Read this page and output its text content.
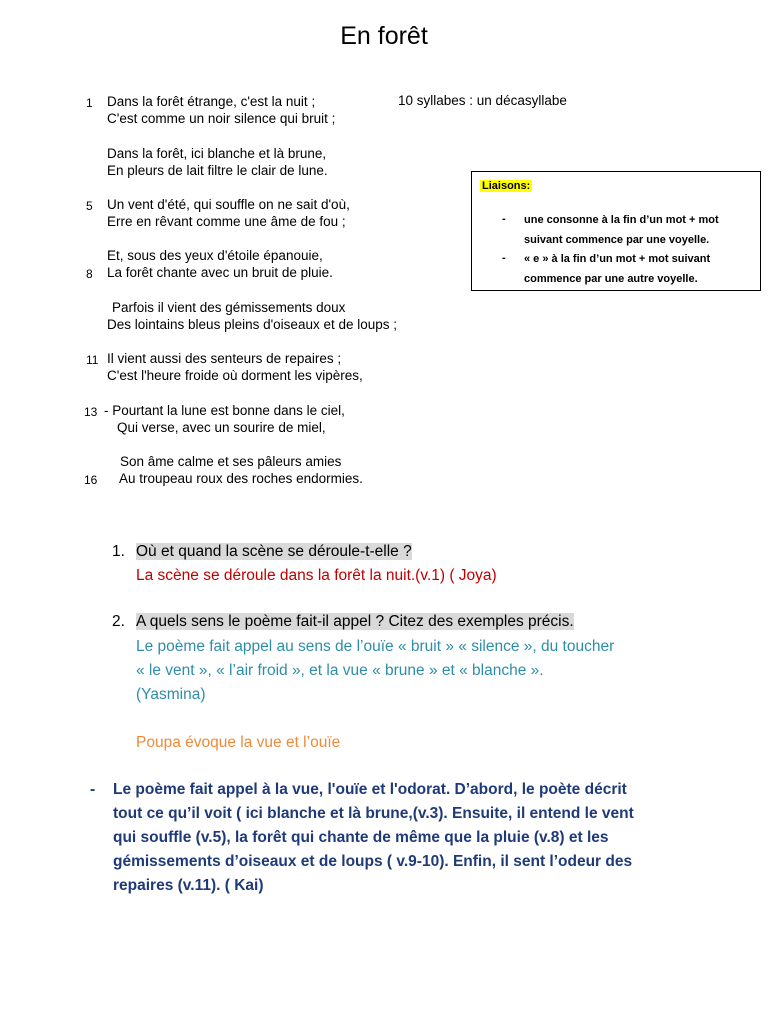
En forêt
1 Dans la forêt étrange, c'est la nuit ;
C'est comme un noir silence qui bruit ;
Dans la forêt, ici blanche et là brune,
En pleurs de lait filtre le clair de lune.
5 Un vent d'été, qui souffle on ne sait d'où,
Erre en rêvant comme une âme de fou ;
Et, sous des yeux d'étoile épanouie,
8 La forêt chante avec un bruit de pluie.
Parfois il vient des gémissements doux
Des lointains bleus pleins d'oiseaux et de loups ;
11 Il vient aussi des senteurs de repaires ;
C'est l'heure froide où dorment les vipères,
13 - Pourtant la lune est bonne dans le ciel,
Qui verse, avec un sourire de miel,
Son âme calme et ses pâleurs amies
16 Au troupeau roux des roches endormies.
10 syllabes : un décasyllabe
Liaisons:
- une consonne à la fin d’un mot + mot suivant commence par une voyelle.
- « e » à la fin d’un mot + mot suivant commence par une autre voyelle.
1. Où et quand la scène se déroule-t-elle ?
La scène se déroule dans la forêt la nuit.(v.1) ( Joya)
2. A quels sens le poème fait-il appel ? Citez des exemples précis.
Le poème fait appel au sens de l’ouïe « bruit » « silence », du toucher
« le vent », « l’air froid », et la vue « brune » et « blanche ».
(Yasmina)
Poupa évoque la vue et l’ouïe
- Le poème fait appel à la vue, l'ouïe et l'odorat. D’abord, le poète décrit
tout ce qu’il voit ( ici blanche et là brune,(v.3). Ensuite, il entend le vent
qui souffle (v.5), la forêt qui chante de même que la pluie (v.8) et les
gémissements d’oiseaux et de loups ( v.9-10). Enfin, il sent l’odeur des
repaires (v.11). ( Kai)
